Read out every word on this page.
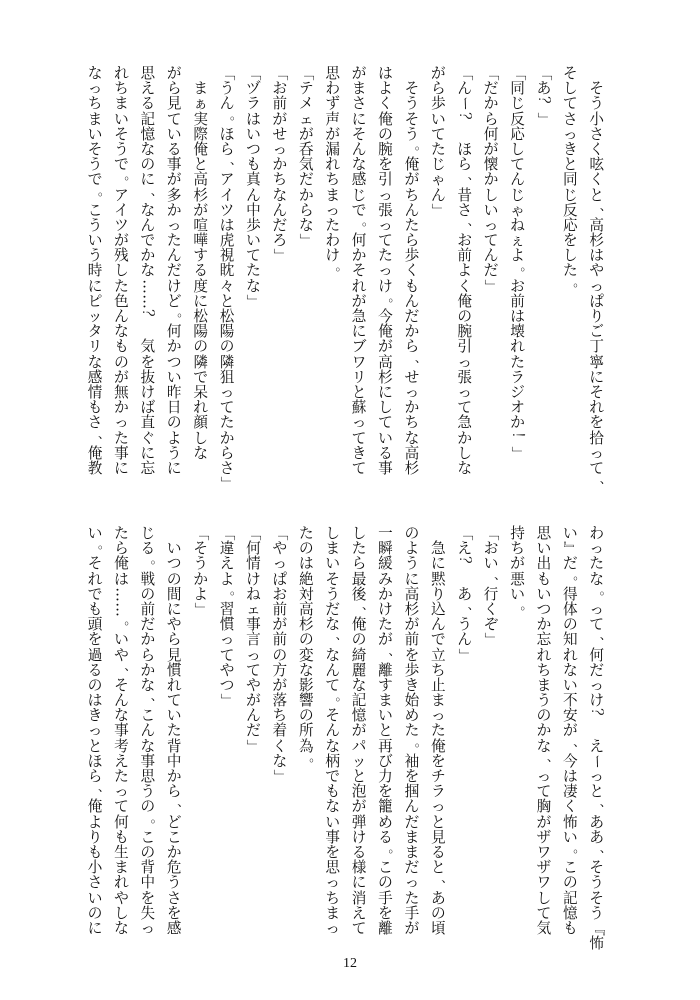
そ
う
小
さ
く
呟
く
と
、
高
杉
は
や
っ
ぱ
り
ご
丁
寧
に
そ
れ
を
拾
っ
て
、
そ
し
て
さ
っ
き
と
同
じ
反
応
を
し
た
。
「
あ
？
」
「
同
じ
反
応
し
て
ん
じ
ゃ
ね
ぇ
よ
。
お
前
は
壊
れ
た
ラ
ジ
オ
か
！
」
「
だ
か
ら
何
が
懐
か
し
い
っ
て
ん
だ
」
「
ん
ー
？

ほ
ら
、
昔
さ
、
お
前
よ
く
俺
の
腕
引
っ
張
っ
て
急
か
し
な
が
ら
歩
い
て
た
じ
ゃ
ん
」

そ
う
そ
う
。
俺
が
ち
ん
た
ら
歩
く
も
ん
だ
か
ら
、
せ
っ
か
ち
な
高
杉
は
よ
く
俺
の
腕
を
引
っ
張
っ
て
た
っ
け
。
今
俺
が
高
杉
に
し
て
い
る
事
が
ま
さ
に
そ
ん
な
感
じ
で
。
何
か
そ
れ
が
急
に
ブ
ワ
リ
と
蘇
っ
て
き
て
思
わ
ず
声
が
漏
れ
ち
ま
っ
た
わ
け
。
「
テ
メ
ェ
が
呑
気
だ
か
ら
な
」
「
お
前
が
せ
っ
か
ち
な
ん
だ
ろ
」
「
ヅ
ラ
は
い
つ
も
真
ん
中
歩
い
て
た
な
」
「
う
ん
。
ほ
ら
、
ア
イ
ツ
は
虎
視
眈
々
と
松
陽
の
隣
狙
っ
て
た
か
ら
さ
」

ま
ぁ
実
際
俺
と
高
杉
が
喧
嘩
す
る
度
に
松
陽
の
隣
で
呆
れ
顔
し
な
が
ら
見
て
い
る
事
が
多
か
っ
た
ん
だ
け
ど
。
何
か
つ
い
昨
日
の
よ
う
に
思
え
る
記
憶
な
の
に
、
な
ん
で
か
な
…
…
？

気
を
抜
け
ば
直
ぐ
に
忘
れ
ち
ま
い
そ
う
で
。
ア
イ
ツ
が
残
し
た
色
ん
な
も
の
が
無
か
っ
た
事
に
な
っ
ち
ま
い
そ
う
で
。
こ
う
い
う
時
に
ピ
ッ
タ
リ
な
感
情
も
さ
、
俺
教
わ
っ
た
な
。
っ
て
、
何
だ
っ
け
？

え
ー
っ
と
、
あ
あ
、
そ
う
そ
う
『
怖
い
』
だ
。
得
体
の
知
れ
な
い
不
安
が
、
今
は
凄
く
怖
い
。
こ
の
記
憶
も
思
い
出
も
い
つ
か
忘
れ
ち
ま
う
の
か
な
、
っ
て
胸
が
ザ
ワ
ザ
ワ
し
て
気
持
ち
が
悪
い
。
「
お
い
、
行
く
ぞ
」
「
え
？

あ
、
う
ん
」

急
に
黙
り
込
ん
で
立
ち
止
ま
っ
た
俺
を
チ
ラ
っ
と
見
る
と
、
あ
の
頃
の
よ
う
に
高
杉
が
前
を
歩
き
始
め
た
。
袖
を
掴
ん
だ
ま
ま
だ
っ
た
手
が
一
瞬
緩
み
か
け
た
が
、
離
す
ま
い
と
再
び
力
を
籠
め
る
。
こ
の
手
を
離
し
た
ら
最
後
、
俺
の
綺
麗
な
記
憶
が
パ
ッ
と
泡
が
弾
け
る
様
に
消
え
て
し
ま
い
そ
う
だ
な
、
な
ん
て
。
そ
ん
な
柄
で
も
な
い
事
を
思
っ
ち
ま
っ
た
の
は
絶
対
高
杉
の
変
な
影
響
の
所
為
。
「
や
っ
ぱ
お
前
が
前
の
方
が
落
ち
着
く
な
」
「
何
情
け
ね
ェ
事
言
っ
て
や
が
ん
だ
」
「
違
え
よ
。
習
慣
っ
て
や
つ
」
「
そ
う
か
よ
」

い
つ
の
間
に
や
ら
見
慣
れ
て
い
た
背
中
か
ら
、
ど
こ
か
危
う
さ
を
感
じ
る
。
戦
の
前
だ
か
ら
か
な
、
こ
ん
な
事
思
う
の
。
こ
の
背
中
を
失
っ
た
ら
俺
は
…
…
。
い
や
、
そ
ん
な
事
考
え
た
っ
て
何
も
生
ま
れ
や
し
な
い
。
そ
れ
で
も
頭
を
過
る
の
は
き
っ
と
ほ
ら
、
俺
よ
り
も
小
さ
い
の
に
12
